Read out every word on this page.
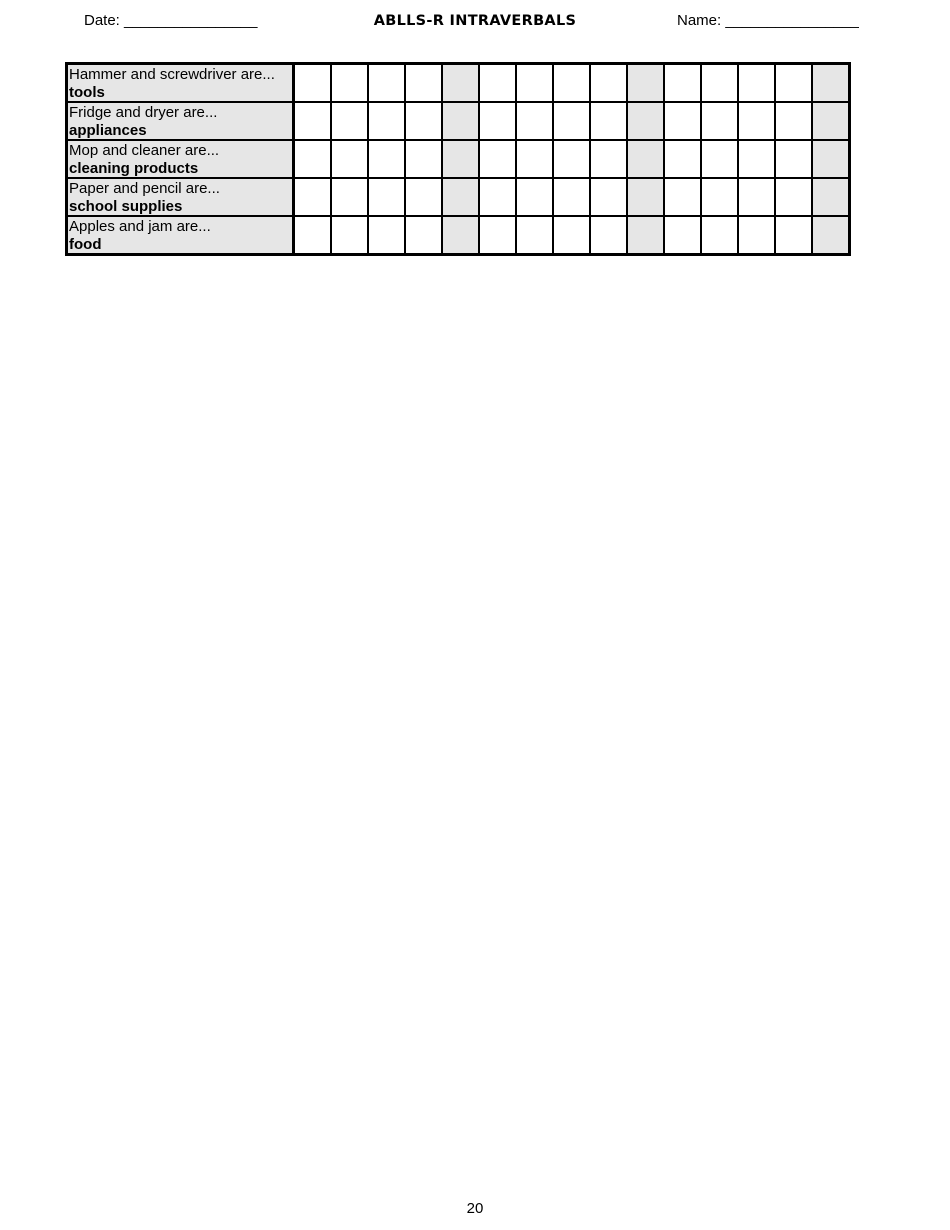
Date: ________________	ABLLS-R INTRAVERBALS	Name: ________________
Hammer and screwdriver are...
tools															

Fridge and dryer are...
appliances															

Mop and cleaner are...
cleaning products															

Paper and pencil are...
school supplies															

Apples and jam are...
food															

20
